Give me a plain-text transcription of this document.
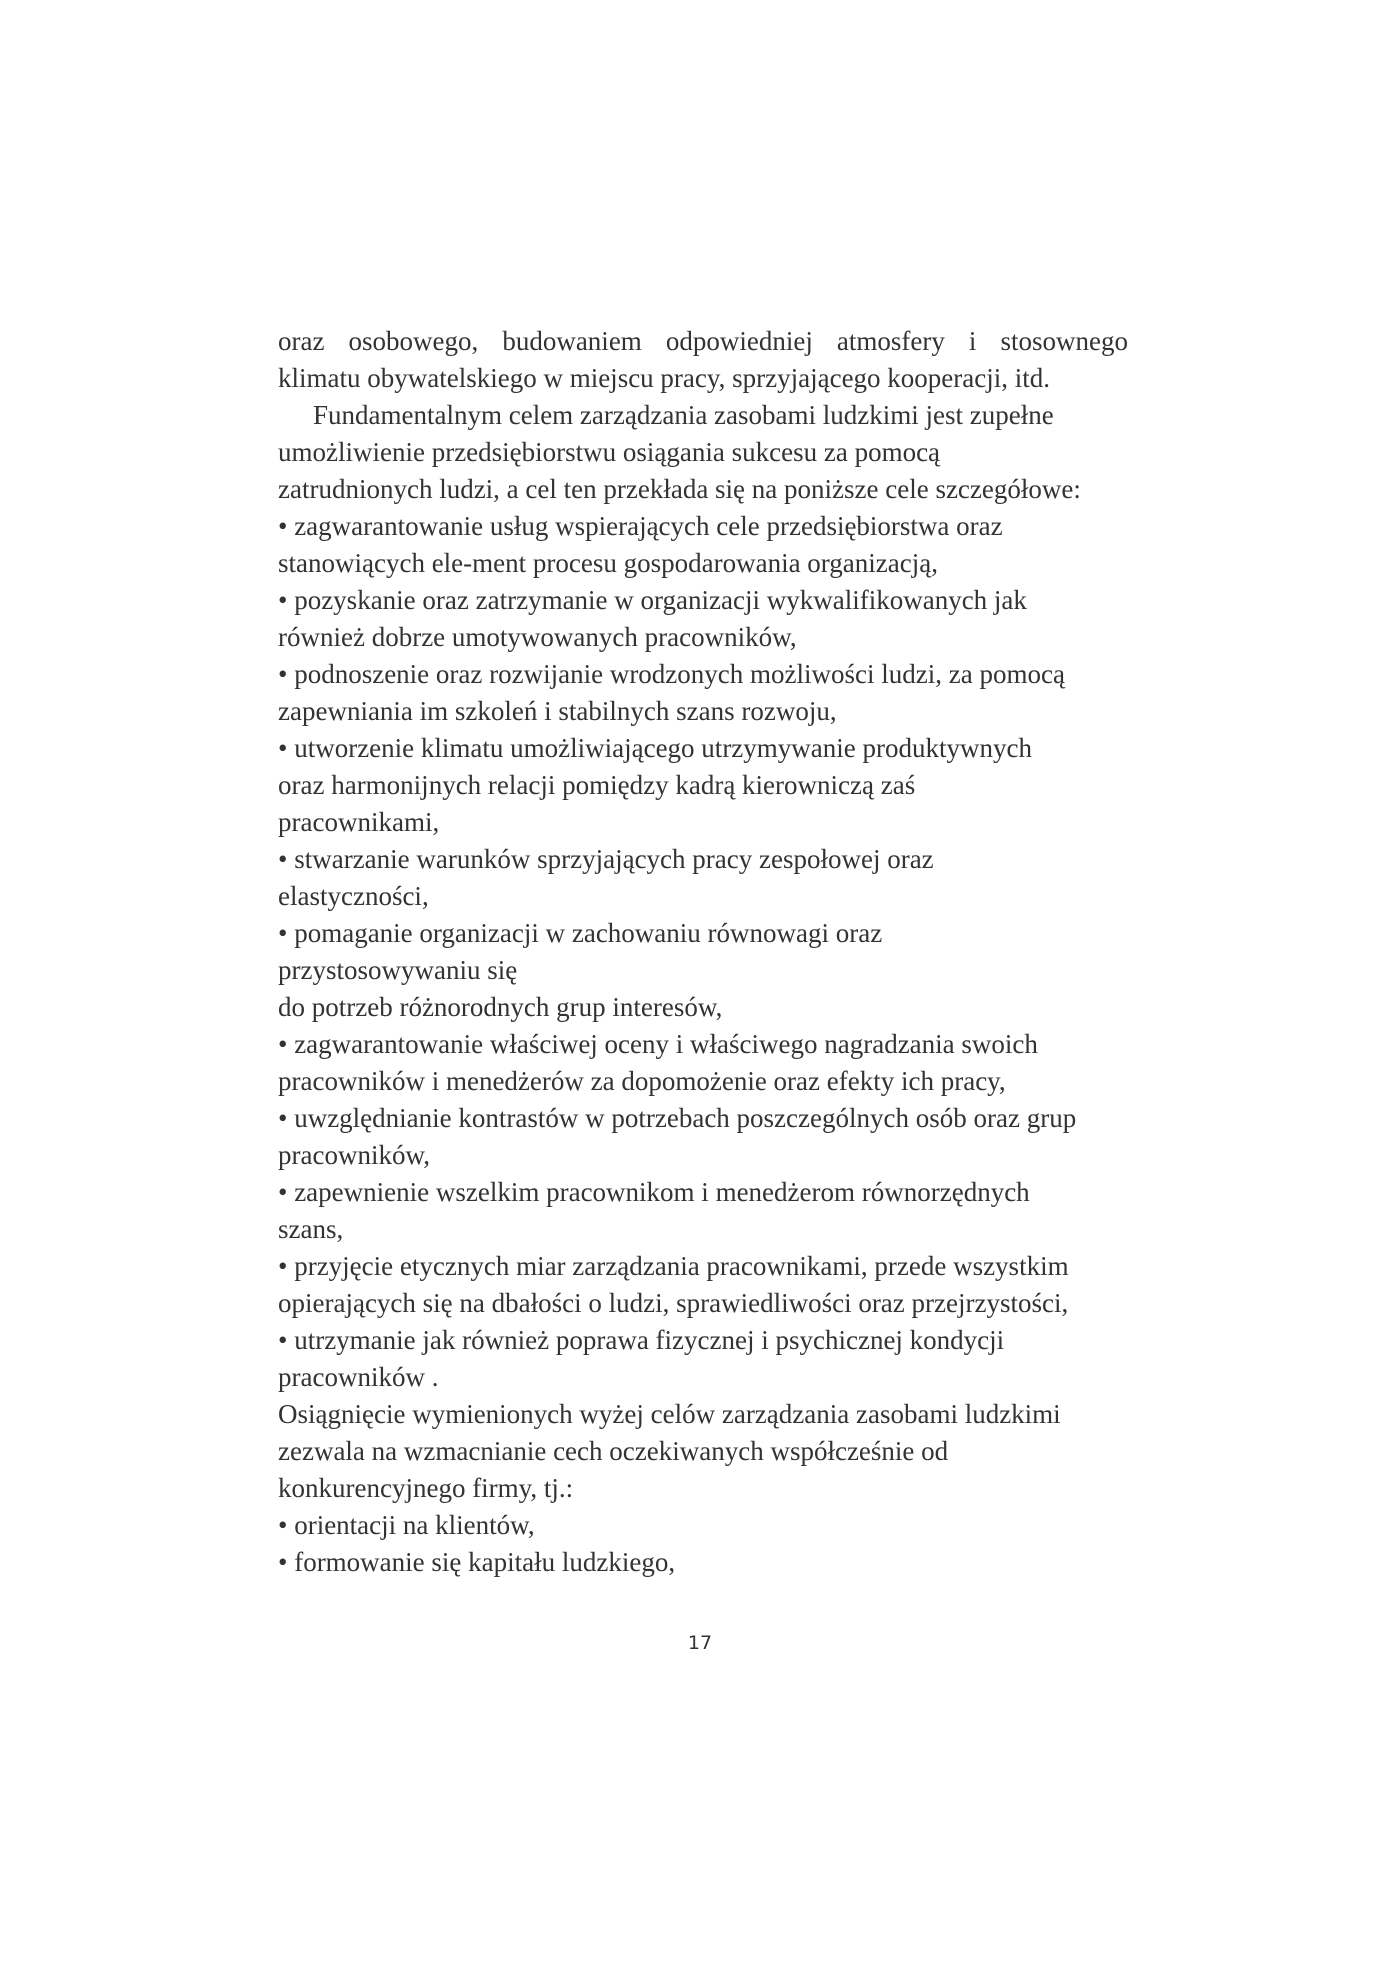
oraz osobowego, budowaniem odpowiedniej atmosfery i stosownego
klimatu obywatelskiego w miejscu pracy, sprzyjającego kooperacji, itd.
Fundamentalnym celem zarządzania zasobami ludzkimi jest zupełne
umożliwienie przedsiębiorstwu osiągania sukcesu za pomocą
zatrudnionych ludzi, a cel ten przekłada się na poniższe cele szczegółowe:
• zagwarantowanie usług wspierających cele przedsiębiorstwa oraz
stanowiących ele-ment procesu gospodarowania organizacją,
• pozyskanie oraz zatrzymanie w organizacji wykwalifikowanych jak
również dobrze umotywowanych pracowników,
• podnoszenie oraz rozwijanie wrodzonych możliwości ludzi, za pomocą
zapewniania im szkoleń i stabilnych szans rozwoju,
• utworzenie klimatu umożliwiającego utrzymywanie produktywnych
oraz harmonijnych relacji pomiędzy kadrą kierowniczą zaś
pracownikami,
• stwarzanie warunków sprzyjających pracy zespołowej oraz
elastyczności,
• pomaganie organizacji w zachowaniu równowagi oraz
przystosowywaniu się
do potrzeb różnorodnych grup interesów,
• zagwarantowanie właściwej oceny i właściwego nagradzania swoich
pracowników i menedżerów za dopomożenie oraz efekty ich pracy,
• uwzględnianie kontrastów w potrzebach poszczególnych osób oraz grup
pracowników,
• zapewnienie wszelkim pracownikom i menedżerom równorzędnych
szans,
• przyjęcie etycznych miar zarządzania pracownikami, przede wszystkim
opierających się na dbałości o ludzi, sprawiedliwości oraz przejrzystości,
• utrzymanie jak również poprawa fizycznej i psychicznej kondycji
pracowników .
Osiągnięcie wymienionych wyżej celów zarządzania zasobami ludzkimi
zezwala na wzmacnianie cech oczekiwanych współcześnie od
konkurencyjnego firmy, tj.:
• orientacji na klientów,
• formowanie się kapitału ludzkiego,
17
